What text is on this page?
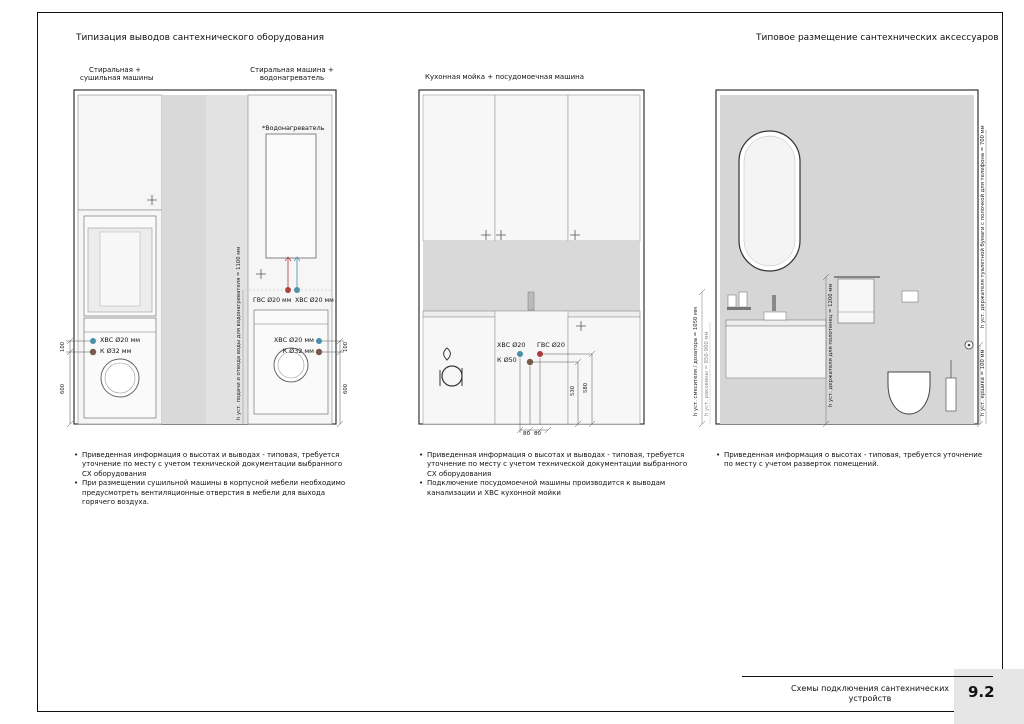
Типизация выводов сантехнического оборудования	Типовое размещение сантехнических аксессуаров
Стиральная +
сушильная машины
Стиральная машина +
водонагреватель
*Водонагреватель
ГВС Ø20 мм ХВС Ø20 мм
ХВС Ø20 мм
К Ø32 мм
ХВС Ø20 мм
К Ø32 мм
100
600
100
600
h уст. подачи и отвода воды для водонагревателя = 1100 мм
• Приведенная информация о высотах и выводах - типовая, требуется
уточнение по месту с учетом технической документации выбранного
СХ оборудования
• При размещении сушильной машины в корпусной мебели необходимо
предусмотреть вентиляционные отверстия в мебели для выхода
горячего воздуха.
Кухонная мойка + посудомоечная машина
ХВС Ø20 ГВС Ø20
К Ø50
530 580
80 80
• Приведенная информация о высотах и выводах - типовая, требуется
уточнение по месту с учетом технической документации выбранного
СХ оборудования
• Подключение посудомоечной машины производится к выводам
канализации и ХВС кухонной мойки
h уст. смесителя / дозатора = 1050 мм h уст. раковины = 850-900 мм	h уст. держателя для полотенец = 1200 мм
h уст. держателя туалетной бумаги с полочкой для телефона = 700 мм
h уст. ершика = 100 мм
• Приведенная информация о высотах - типовая, требуется уточнение
по месту с учетом разверток помещений.
Схемы подключения сантехнических устройств	9.2
